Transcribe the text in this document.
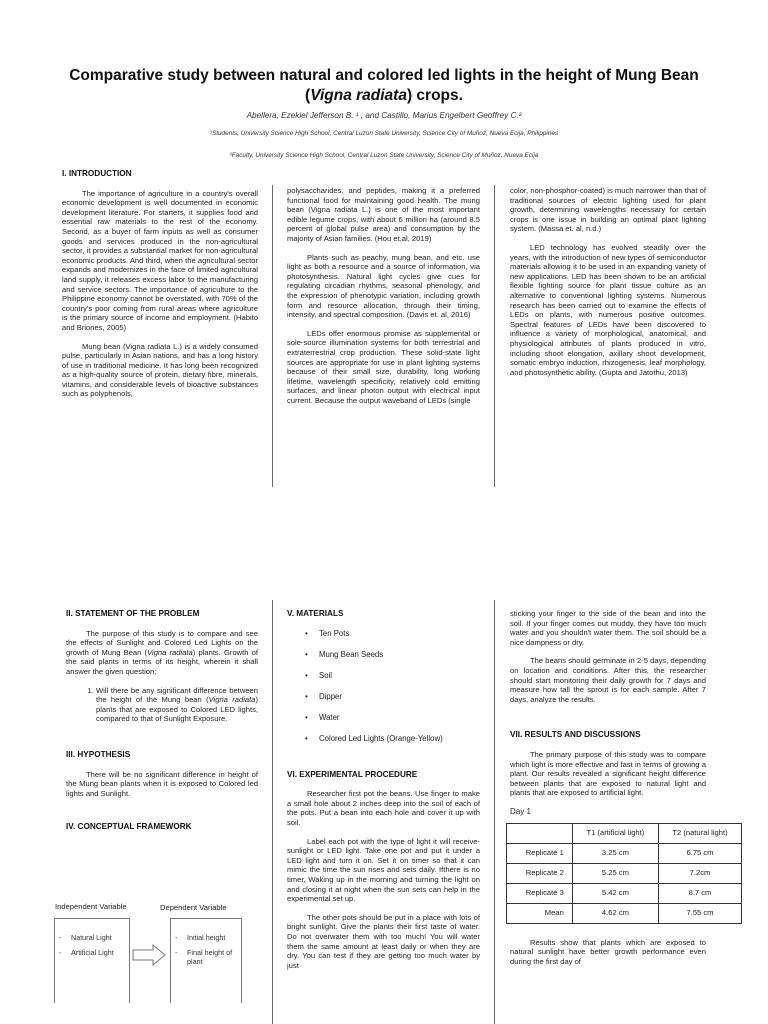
Comparative study between natural and colored led lights in the height of Mung Bean (Vigna radiata) crops.
Abellera, Ezekiel Jefferson B. ¹ , and Castillo, Marius Engelbert Geoffrey C.²
¹Students, University Science High School, Central Luzon State University, Science City of Muñoz, Nueva Ecija, Philippines
²Faculty, University Science High School, Central Luzon State University, Science City of Muñoz, Nueva Ecija
I. INTRODUCTION

The importance of agriculture in a country's overall economic development is well documented in economic development literature. For starters, it supplies food and essential raw materials to the rest of the economy. Second, as a buyer of farm inputs as well as consumer goods and services produced in the non-agricultural sector, it provides a substantial market for non-agricultural economic products. And third, when the agricultural sector expands and modernizes in the face of limited agricultural land supply, it releases excess labor to the manufacturing and service sectors. The importance of agriculture to the Philippine economy cannot be overstated, with 70% of the country's poor coming from rural areas where agriculture is the primary source of income and employment. (Habito and Briones, 2005)

Mung bean (Vigna radiata L.) is a widely consumed pulse, particularly in Asian nations, and has a long history of use in traditional medicine. It has long been recognized as a high-quality source of protein, dietary fibre, minerals, vitamins, and considerable levels of bioactive substances such as polyphenols,

polysaccharides, and peptides, making it a preferred functional food for maintaining good health. The mung bean (Vigna radiata L.) is one of the most important edible legume crops, with about 6 million ha (around 8.5 percent of global pulse area) and consumption by the majority of Asian families. (Hou et.al, 2019)

Plants such as peachy, mung bean, and etc. use light as both a resource and a source of information, via photosynthesis. Natural light cycles give cues for regulating circadian rhythms, seasonal phenology, and the expression of phenotypic variation, including growth form and resource allocation, through their timing, intensity, and spectral composition. (Davis et. al, 2016)

LEDs offer enormous promise as supplemental or sole-source illumination systems for both terrestrial and extraterrestrial crop production. These solid-state light sources are appropriate for use in plant lighting systems because of their small size, durability, long working lifetime, wavelength specificity, relatively cold emitting surfaces, and linear photon output with electrical input current. Because the output waveband of LEDs (single

color, non-phosphor-coated) is much narrower than that of traditional sources of electric lighting used for plant growth, determining wavelengths necessary for certain crops is one issue in building an optimal plant lighting system. (Massa et. al, n.d.)

LED technology has evolved steadily over the years, with the introduction of new types of semiconductor materials allowing it to be used in an expanding variety of new applications. LED has been shown to be an artificial flexible lighting source for plant tissue culture as an alternative to conventional lighting systems. Numerous research has been carried out to examine the effects of LEDs on plants, with numerous positive outcomes. Spectral features of LEDs have been discovered to influence a variety of morphological, anatomical, and physiological attributes of plants produced in vitro, including shoot elongation, axillary shoot development, somatic embryo induction, rhizogenesis, leaf morphology, and photosynthetic ability. (Gupta and Jatothu, 2013)

II. STATEMENT OF THE PROBLEM

The purpose of this study is to compare and see the effects of Sunlight and Colored Led Lights on the growth of Mung Bean (Vigna radiata) plants. Growth of the said plants in terms of its height, wherein it shall answer the given question;

1. Will there be any significant difference between the height of the Mung bean (Vigna radiata) plants that are exposed to Colored LED lights, compared to that of Sunlight Exposure.
III. HYPOTHESIS

There will be no significant difference in height of the Mung bean plants when it is exposed to Colored led lights and Sunlight.

IV. CONCEPTUAL FRAMEWORK
Independent Variable	Dependent Variable
- Natural Light
- Artificial Light
- Initial height
- Final height of plant
V. MATERIALS
• Ten Pots
• Mung Bean Seeds
• Soil
• Dipper
• Water
• Colored Led Lights (Orange-Yellow)
VI. EXPERIMENTAL PROCEDURE

Researcher first pot the beans. Use finger to make a small hole about 2 inches deep into the soil of each of the pots. Put a bean into each hole and cover it up with soil.

Label each pot with the type of light it will receive- sunlight or LED light. Take one pot and put it under a LED light and turn it on. Set it on timer so that it can mimic the time the sun rises and sets daily. Ifthere is no timer, Waking up in the morning and turning the light on and closing it at night when the sun sets can help in the experimental set up.

The other pots should be put in a place with lots of bright sunlight. Give the plants their first taste of water. Do not overwater them with too much! You will water them the same amount at least daily or when they are dry. You can test if they are getting too much water by just

sticking your finger to the side of the bean and into the soil. If your finger comes out muddy, they have too much water and you shouldn't water them. The soil should be a nice dampness or dry.

The beans should germinate in 2-5 days, depending on location and conditions. After this, the researcher should start monitoring their daily growth for 7 days and measure how tall the sprout is for each sample. After 7 days, analyze the results.

VII. RESULTS AND DISCUSSIONS

The primary purpose of this study was to compare which light is more effective and fast in terms of growing a plant. Our results revealed a significant height difference between plants that are exposed to natural light and plants that are exposed to artificial light.

Day 1
	T1 (artificial light)	T2 (natural light)
Replicate 1	3.25 cm	6.75 cm
Replicate 2	5.25 cm	7.2cm
Replicate 3	5.42 cm	8.7 cm
Mean	4.62 cm	7.55 cm

Results show that plants which are exposed to natural sunlight have better growth performance even during the first day of
